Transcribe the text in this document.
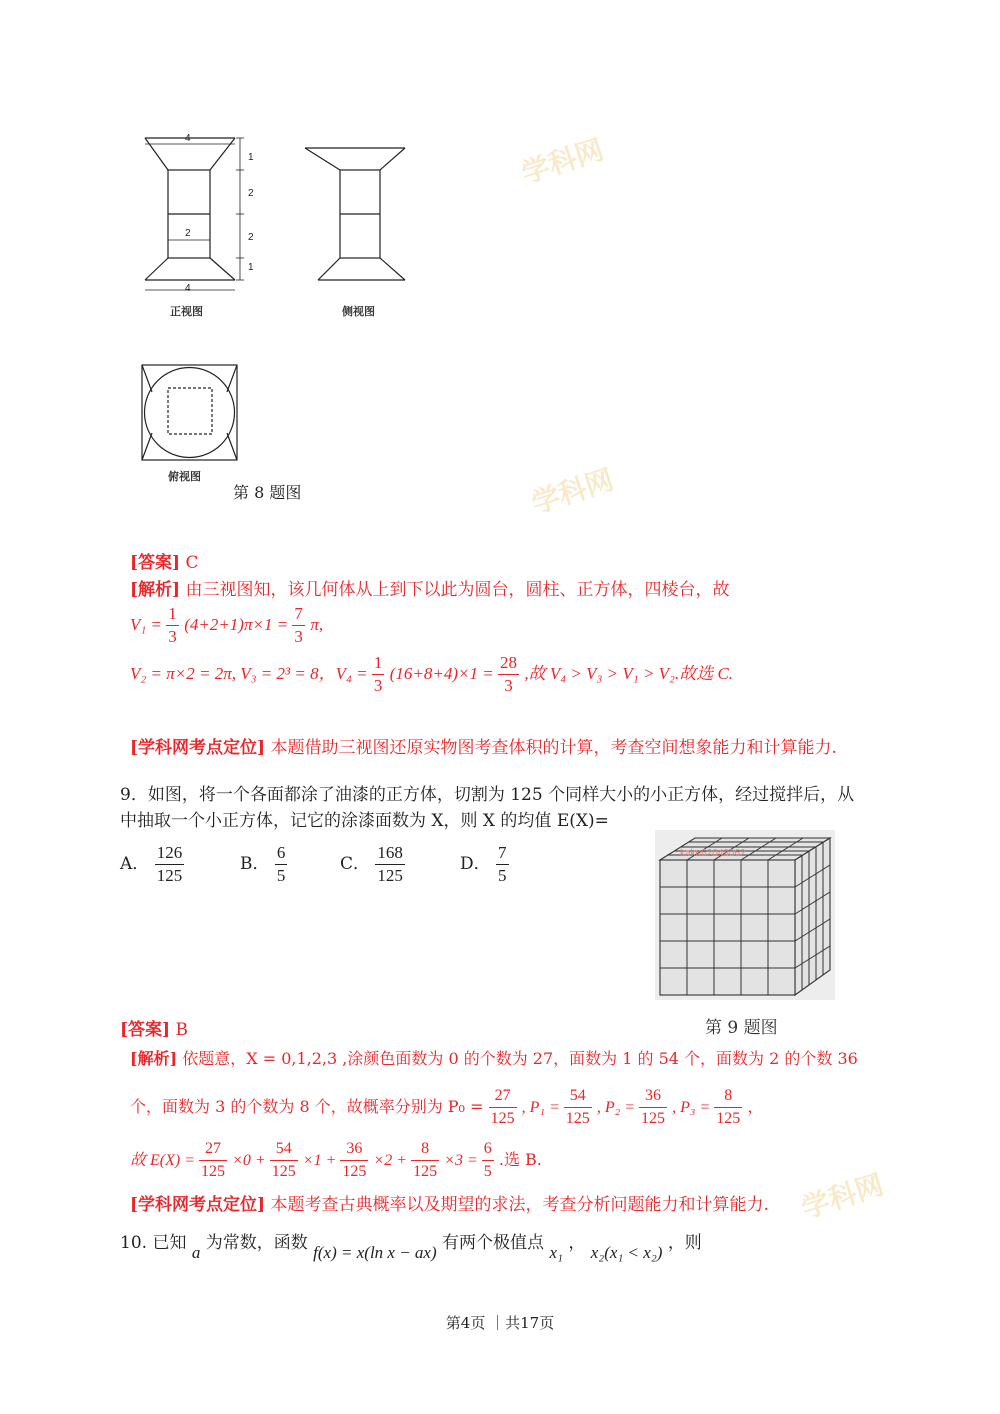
学科网
学科网
学科网
4
4
2
1
2
2
1
正视图	侧视图
俯视图
第 8 题图
[答案] C
[解析] 由三视图知，该几何体从上到下以此为圆台，圆柱、正方体，四棱台，故
$V_1 = \frac{1}{3} (4+2+1)\pi\times 1 = \frac{7}{3} \pi$,
V₂ = π×2 = 2π, V₃ = 2³ = 8，$V_4 = \frac{1}{3} (16+8+4)\times 1 = \frac{28}{3}$ ,故 V₄ > V₃ > V₁ > V₂.故选 C.
[学科网考点定位] 本题借助三视图还原实物图考查体积的计算，考查空间想象能力和计算能力.
9．如图，将一个各面都涂了油漆的正方体，切割为 125 个同样大小的小正方体，经过搅拌后，从
中抽取一个小正方体，记它的涂漆面数为 X，则 X 的均值 E(X)=
A． $\frac{126}{125}$	B． $\frac{6}{5}$	C． $\frac{168}{125}$	D． $\frac{7}{5}$	kaku62043062
第 9 题图
[答案] B
[解析] 依题意，X = 0,1,2,3 ,涂颜色面数为 0 的个数为 27，面数为 1 的 54 个，面数为 2 的个数 36
个，面数为 3 的个数为 8 个，故概率分别为 $P_0 = \frac{27}{125}$ , $P_1 = \frac{54}{125}$ , $P_2 = \frac{36}{125}$ , $P_3 = \frac{8}{125}$ ，
故 $E(X) = \frac{27}{125} \times 0 + \frac{54}{125} \times 1 + \frac{36}{125} \times 2 + \frac{8}{125} \times 3 = \frac{6}{5}$ .选 B.
[学科网考点定位] 本题考查古典概率以及期望的求法，考查分析问题能力和计算能力.
10. 已知 a 为常数，函数 f(x) = x(ln x − ax) 有两个极值点 x₁ ， x₂(x₁ < x₂) ，则
第4页 ｜共17页
